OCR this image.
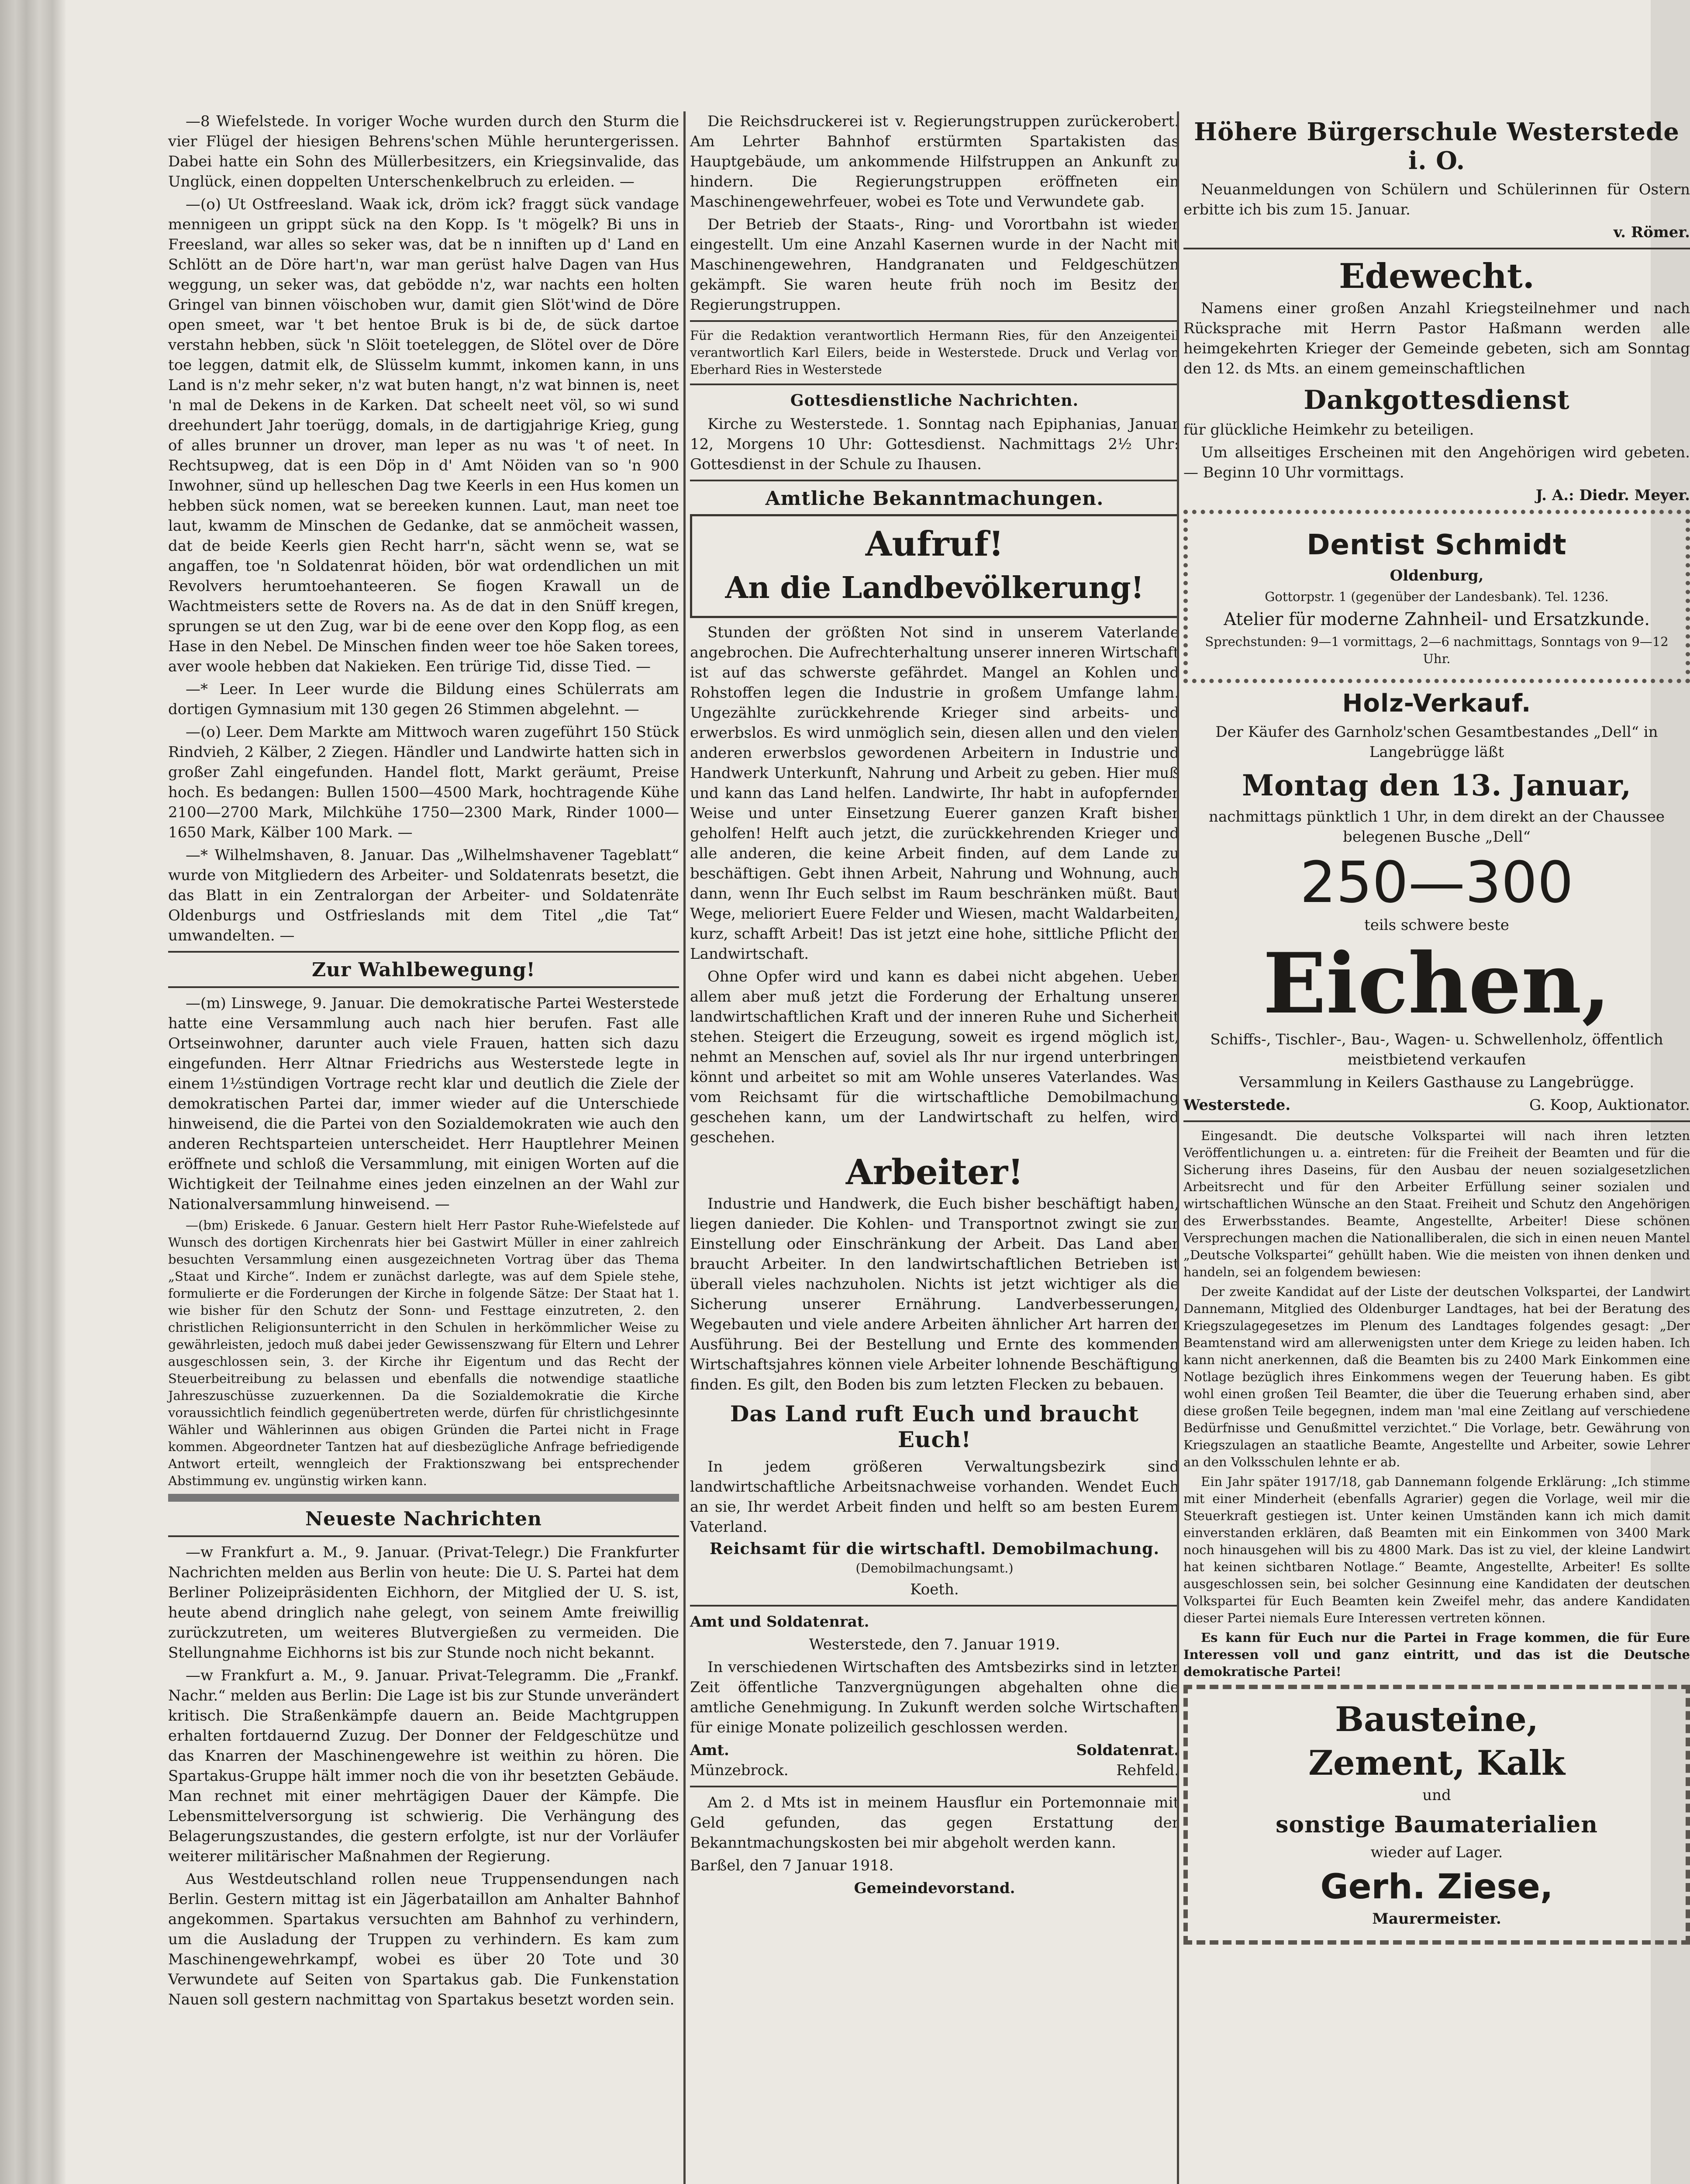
—8 Wiefelstede. In voriger Woche wurden durch den Sturm die vier Flügel der hiesigen Behrens'schen Mühle heruntergerissen. Dabei hatte ein Sohn des Müllerbesitzers, ein Kriegsinvalide, das Unglück, einen doppelten Unterschenkelbruch zu erleiden. —

—(o) Ut Ostfreesland. Waak ick, dröm ick? fraggt sück vandage mennigeen un grippt sück na den Kopp. Is 't mögelk? Bi uns in Freesland, war alles so seker was, dat be n inniften up d' Land en Schlött an de Döre hart'n, war man gerüst halve Dagen van Hus weggung, un seker was, dat gebödde n'z, war nachts een holten Gringel van binnen vöischoben wur, damit gien Slöt'wind de Döre open smeet, war 't bet hentoe Bruk is bi de, de sück dartoe verstahn hebben, sück 'n Slöit toeteleggen, de Slötel over de Döre toe leggen, datmit elk, de Slüsselm kummt, inkomen kann, in uns Land is n'z mehr seker, n'z wat buten hangt, n'z wat binnen is, neet 'n mal de Dekens in de Karken. Dat scheelt neet völ, so wi sund dreehundert Jahr toerügg, domals, in de dartigjahrige Krieg, gung of alles brunner un drover, man leper as nu was 't of neet. In Rechtsupweg, dat is een Döp in d' Amt Nöiden van so 'n 900 Inwohner, sünd up helleschen Dag twe Keerls in een Hus komen un hebben sück nomen, wat se bereeken kunnen. Laut, man neet toe laut, kwamm de Minschen de Gedanke, dat se anmöcheit wassen, dat de beide Keerls gien Recht harr'n, sächt wenn se, wat se angaffen, toe 'n Soldatenrat höiden, bör wat ordendlichen un mit Revolvers herumtoehanteeren. Se fiogen Krawall un de Wachtmeisters sette de Rovers na. As de dat in den Snüff kregen, sprungen se ut den Zug, war bi de eene over den Kopp flog, as een Hase in den Nebel. De Minschen finden weer toe höe Saken torees, aver woole hebben dat Nakieken. Een trürige Tid, disse Tied. —

—* Leer. In Leer wurde die Bildung eines Schülerrats am dortigen Gymnasium mit 130 gegen 26 Stimmen abgelehnt. —

—(o) Leer. Dem Markte am Mittwoch waren zugeführt 150 Stück Rindvieh, 2 Kälber, 2 Ziegen. Händler und Landwirte hatten sich in großer Zahl eingefunden. Handel flott, Markt geräumt, Preise hoch. Es bedangen: Bullen 1500—4500 Mark, hochtragende Kühe 2100—2700 Mark, Milchkühe 1750—2300 Mark, Rinder 1000—1650 Mark, Kälber 100 Mark. —

—* Wilhelmshaven, 8. Januar. Das „Wilhelmshavener Tageblatt“ wurde von Mitgliedern des Arbeiter- und Soldatenrats besetzt, die das Blatt in ein Zentralorgan der Arbeiter- und Soldatenräte Oldenburgs und Ostfrieslands mit dem Titel „die Tat“ umwandelten. —

Zur Wahlbewegung!

—(m) Linswege, 9. Januar. Die demokratische Partei Westerstede hatte eine Versammlung auch nach hier berufen. Fast alle Ortseinwohner, darunter auch viele Frauen, hatten sich dazu eingefunden. Herr Altnar Friedrichs aus Westerstede legte in einem 1½stündigen Vortrage recht klar und deutlich die Ziele der demokratischen Partei dar, immer wieder auf die Unterschiede hinweisend, die die Partei von den Sozialdemokraten wie auch den anderen Rechtsparteien unterscheidet. Herr Hauptlehrer Meinen eröffnete und schloß die Versammlung, mit einigen Worten auf die Wichtigkeit der Teilnahme eines jeden einzelnen an der Wahl zur Nationalversammlung hinweisend. —

—(bm) Eriskede. 6 Januar. Gestern hielt Herr Pastor Ruhe-Wiefelstede auf Wunsch des dortigen Kirchenrats hier bei Gastwirt Müller in einer zahlreich besuchten Versammlung einen ausgezeichneten Vortrag über das Thema „Staat und Kirche“. Indem er zunächst darlegte, was auf dem Spiele stehe, formulierte er die Forderungen der Kirche in folgende Sätze: Der Staat hat 1. wie bisher für den Schutz der Sonn- und Festtage einzutreten, 2. den christlichen Religionsunterricht in den Schulen in herkömmlicher Weise zu gewährleisten, jedoch muß dabei jeder Gewissenszwang für Eltern und Lehrer ausgeschlossen sein, 3. der Kirche ihr Eigentum und das Recht der Steuerbeitreibung zu belassen und ebenfalls die notwendige staatliche Jahreszuschüsse zuzuerkennen. Da die Sozialdemokratie die Kirche voraussichtlich feindlich gegenübertreten werde, dürfen für christlichgesinnte Wähler und Wählerinnen aus obigen Gründen die Partei nicht in Frage kommen. Abgeordneter Tantzen hat auf diesbezügliche Anfrage befriedigende Antwort erteilt, wenngleich der Fraktionszwang bei entsprechender Abstimmung ev. ungünstig wirken kann.

Neueste Nachrichten

—w Frankfurt a. M., 9. Januar. (Privat-Telegr.) Die Frankfurter Nachrichten melden aus Berlin von heute: Die U. S. Partei hat dem Berliner Polizeipräsidenten Eichhorn, der Mitglied der U. S. ist, heute abend dringlich nahe gelegt, von seinem Amte freiwillig zurückzutreten, um weiteres Blutvergießen zu vermeiden. Die Stellungnahme Eichhorns ist bis zur Stunde noch nicht bekannt.

—w Frankfurt a. M., 9. Januar. Privat-Telegramm. Die „Frankf. Nachr.“ melden aus Berlin: Die Lage ist bis zur Stunde unverändert kritisch. Die Straßenkämpfe dauern an. Beide Machtgruppen erhalten fortdauernd Zuzug. Der Donner der Feldgeschütze und das Knarren der Maschinengewehre ist weithin zu hören. Die Spartakus-Gruppe hält immer noch die von ihr besetzten Gebäude. Man rechnet mit einer mehrtägigen Dauer der Kämpfe. Die Lebensmittelversorgung ist schwierig. Die Verhängung des Belagerungszustandes, die gestern erfolgte, ist nur der Vorläufer weiterer militärischer Maßnahmen der Regierung.

Aus Westdeutschland rollen neue Truppensendungen nach Berlin. Gestern mittag ist ein Jägerbataillon am Anhalter Bahnhof angekommen. Spartakus versuchten am Bahnhof zu verhindern, um die Ausladung der Truppen zu verhindern. Es kam zum Maschinengewehrkampf, wobei es über 20 Tote und 30 Verwundete auf Seiten von Spartakus gab. Die Funkenstation Nauen soll gestern nachmittag von Spartakus besetzt worden sein.

Die Reichsdruckerei ist v. Regierungstruppen zurückerobert. Am Lehrter Bahnhof erstürmten Spartakisten das Hauptgebäude, um ankommende Hilfstruppen an Ankunft zu hindern. Die Regierungstruppen eröffneten ein Maschinengewehrfeuer, wobei es Tote und Verwundete gab.

Der Betrieb der Staats-, Ring- und Vorortbahn ist wieder eingestellt. Um eine Anzahl Kasernen wurde in der Nacht mit Maschinengewehren, Handgranaten und Feldgeschützen gekämpft. Sie waren heute früh noch im Besitz der Regierungstruppen.

Für die Redaktion verantwortlich Hermann Ries, für den Anzeigenteil verantwortlich Karl Eilers, beide in Westerstede. Druck und Verlag von Eberhard Ries in Westerstede

Gottesdienstliche Nachrichten.

Kirche zu Westerstede. 1. Sonntag nach Epiphanias, Januar 12, Morgens 10 Uhr: Gottesdienst. Nachmittags 2½ Uhr: Gottesdienst in der Schule zu Ihausen.

Amtliche Bekanntmachungen.
Aufruf!
An die Landbevölkerung!

Stunden der größten Not sind in unserem Vaterlande angebrochen. Die Aufrechterhaltung unserer inneren Wirtschaft ist auf das schwerste gefährdet. Mangel an Kohlen und Rohstoffen legen die Industrie in großem Umfange lahm. Ungezählte zurückkehrende Krieger sind arbeits- und erwerbslos. Es wird unmöglich sein, diesen allen und den vielen anderen erwerbslos gewordenen Arbeitern in Industrie und Handwerk Unterkunft, Nahrung und Arbeit zu geben. Hier muß und kann das Land helfen. Landwirte, Ihr habt in aufopfernder Weise und unter Einsetzung Euerer ganzen Kraft bisher geholfen! Helft auch jetzt, die zurückkehrenden Krieger und alle anderen, die keine Arbeit finden, auf dem Lande zu beschäftigen. Gebt ihnen Arbeit, Nahrung und Wohnung, auch dann, wenn Ihr Euch selbst im Raum beschränken müßt. Baut Wege, melioriert Euere Felder und Wiesen, macht Waldarbeiten, kurz, schafft Arbeit! Das ist jetzt eine hohe, sittliche Pflicht der Landwirtschaft.

Ohne Opfer wird und kann es dabei nicht abgehen. Ueber allem aber muß jetzt die Forderung der Erhaltung unserer landwirtschaftlichen Kraft und der inneren Ruhe und Sicherheit stehen. Steigert die Erzeugung, soweit es irgend möglich ist, nehmt an Menschen auf, soviel als Ihr nur irgend unterbringen könnt und arbeitet so mit am Wohle unseres Vaterlandes. Was vom Reichsamt für die wirtschaftliche Demobilmachung geschehen kann, um der Landwirtschaft zu helfen, wird geschehen.

Arbeiter!

Industrie und Handwerk, die Euch bisher beschäftigt haben, liegen danieder. Die Kohlen- und Transportnot zwingt sie zur Einstellung oder Einschränkung der Arbeit. Das Land aber braucht Arbeiter. In den landwirtschaftlichen Betrieben ist überall vieles nachzuholen. Nichts ist jetzt wichtiger als die Sicherung unserer Ernährung. Landverbesserungen, Wegebauten und viele andere Arbeiten ähnlicher Art harren der Ausführung. Bei der Bestellung und Ernte des kommenden Wirtschaftsjahres können viele Arbeiter lohnende Beschäftigung finden. Es gilt, den Boden bis zum letzten Flecken zu bebauen.

Das Land ruft Euch und braucht Euch!

In jedem größeren Verwaltungsbezirk sind landwirtschaftliche Arbeitsnachweise vorhanden. Wendet Euch an sie, Ihr werdet Arbeit finden und helft so am besten Eurem Vaterland.

Reichsamt für die wirtschaftl. Demobilmachung.
(Demobilmachungsamt.)
Koeth.
Amt und Soldatenrat.
Westerstede, den 7. Januar 1919.

In verschiedenen Wirtschaften des Amtsbezirks sind in letzter Zeit öffentliche Tanzvergnügungen abgehalten ohne die amtliche Genehmigung. In Zukunft werden solche Wirtschaften für einige Monate polizeilich geschlossen werden.

Amt.	Soldatenrat.
Münzebrock.	Rehfeld.

Am 2. d Mts ist in meinem Hausflur ein Portemonnaie mit Geld gefunden, das gegen Erstattung der Bekanntmachungskosten bei mir abgeholt werden kann.

Barßel, den 7 Januar 1918.
Gemeindevorstand.
Höhere Bürgerschule Westerstede i. O.

Neuanmeldungen von Schülern und Schülerinnen für Ostern erbitte ich bis zum 15. Januar.

v. Römer.
Edewecht.

Namens einer großen Anzahl Kriegsteilnehmer und nach Rücksprache mit Herrn Pastor Haßmann werden alle heimgekehrten Krieger der Gemeinde gebeten, sich am Sonntag den 12. ds Mts. an einem gemeinschaftlichen

Dankgottesdienst

für glückliche Heimkehr zu beteiligen.

Um allseitiges Erscheinen mit den Angehörigen wird gebeten. — Beginn 10 Uhr vormittags.

J. A.: Diedr. Meyer.
Dentist Schmidt
Oldenburg,
Gottorpstr. 1 (gegenüber der Landesbank). Tel. 1236.
Atelier für moderne Zahnheil- und Ersatzkunde.
Sprechstunden: 9—1 vormittags, 2—6 nachmittags, Sonntags von 9—12 Uhr.
Holz-Verkauf.

Der Käufer des Garnholz'schen Gesamtbestandes „Dell“ in Langebrügge läßt

Montag den 13. Januar,

nachmittags pünktlich 1 Uhr, in dem direkt an der Chaussee belegenen Busche „Dell“

250—300

teils schwere beste

Eichen,

Schiffs-, Tischler-, Bau-, Wagen- u. Schwellenholz, öffentlich meistbietend verkaufen

Versammlung in Keilers Gasthause zu Langebrügge.

Westerstede.	G. Koop, Auktionator.

Eingesandt. Die deutsche Volkspartei will nach ihren letzten Veröffentlichungen u. a. eintreten: für die Freiheit der Beamten und für die Sicherung ihres Daseins, für den Ausbau der neuen sozialgesetzlichen Arbeitsrecht und für den Arbeiter Erfüllung seiner sozialen und wirtschaftlichen Wünsche an den Staat. Freiheit und Schutz den Angehörigen des Erwerbsstandes. Beamte, Angestellte, Arbeiter! Diese schönen Versprechungen machen die Nationalliberalen, die sich in einen neuen Mantel „Deutsche Volkspartei“ gehüllt haben. Wie die meisten von ihnen denken und handeln, sei an folgendem bewiesen:

Der zweite Kandidat auf der Liste der deutschen Volkspartei, der Landwirt Dannemann, Mitglied des Oldenburger Landtages, hat bei der Beratung des Kriegszulagegesetzes im Plenum des Landtages folgendes gesagt: „Der Beamtenstand wird am allerwenigsten unter dem Kriege zu leiden haben. Ich kann nicht anerkennen, daß die Beamten bis zu 2400 Mark Einkommen eine Notlage bezüglich ihres Einkommens wegen der Teuerung haben. Es gibt wohl einen großen Teil Beamter, die über die Teuerung erhaben sind, aber diese großen Teile begegnen, indem man 'mal eine Zeitlang auf verschiedene Bedürfnisse und Genußmittel verzichtet.“ Die Vorlage, betr. Gewährung von Kriegszulagen an staatliche Beamte, Angestellte und Arbeiter, sowie Lehrer an den Volksschulen lehnte er ab.

Ein Jahr später 1917/18, gab Dannemann folgende Erklärung: „Ich stimme mit einer Minderheit (ebenfalls Agrarier) gegen die Vorlage, weil mir die Steuerkraft gestiegen ist. Unter keinen Umständen kann ich mich damit einverstanden erklären, daß Beamten mit ein Einkommen von 3400 Mark noch hinausgehen will bis zu 4800 Mark. Das ist zu viel, der kleine Landwirt hat keinen sichtbaren Notlage.“ Beamte, Angestellte, Arbeiter! Es sollte ausgeschlossen sein, bei solcher Gesinnung eine Kandidaten der deutschen Volkspartei für Euch Beamten kein Zweifel mehr, das andere Kandidaten dieser Partei niemals Eure Interessen vertreten können.

Es kann für Euch nur die Partei in Frage kommen, die für Eure Interessen voll und ganz eintritt, und das ist die Deutsche demokratische Partei!

Bausteine,
Zement, Kalk
und
sonstige Baumaterialien
wieder auf Lager.
Gerh. Ziese,
Maurermeister.
